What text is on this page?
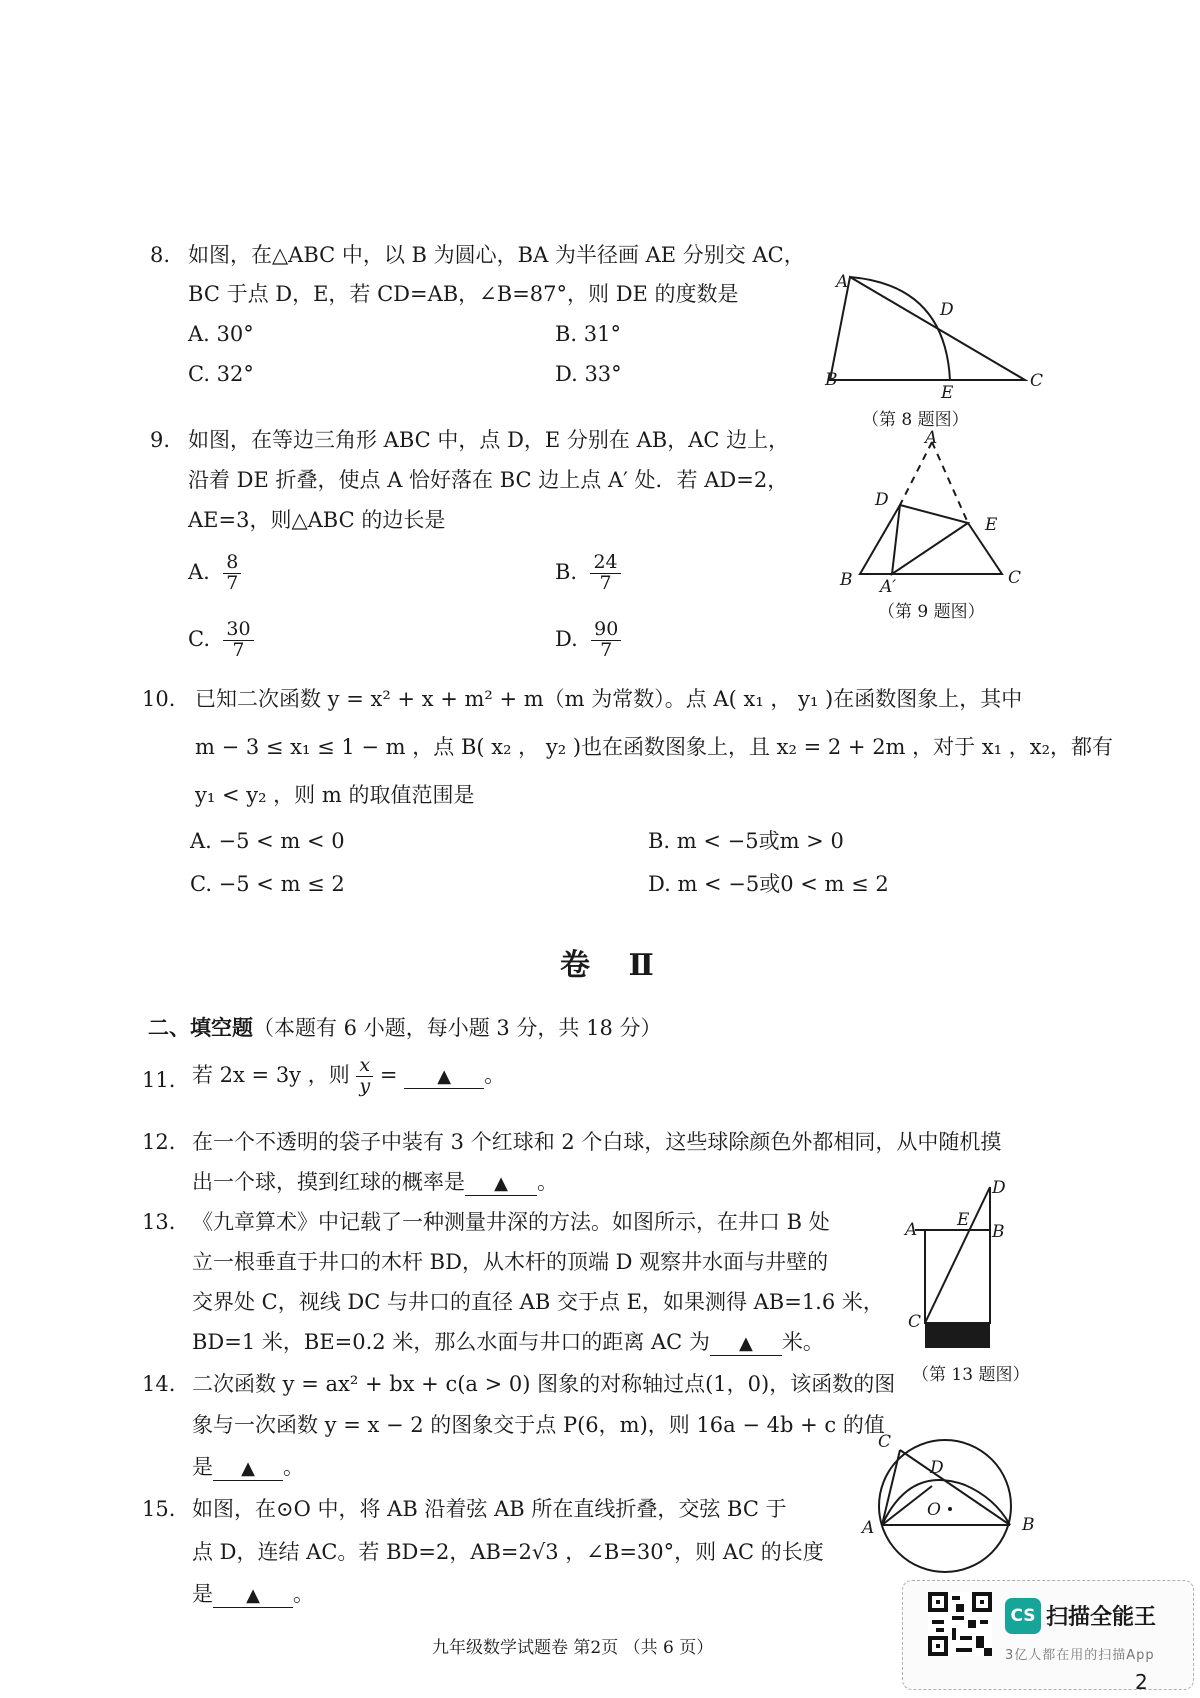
8. 如图，在△ABC 中，以 B 为圆心，BA 为半径画 AE 分别交 AC，
BC 于点 D，E，若 CD=AB，∠B=87°，则 DE 的度数是
A. 30°	B. 31°
C. 32°	D. 33°
A
D
B
E
C
（第 8 题图）
9. 如图，在等边三角形 ABC 中，点 D，E 分别在 AB，AC 边上，
沿着 DE 折叠，使点 A 恰好落在 BC 边上点 A′ 处．若 AD=2，
AE=3，则△ABC 的边长是
A. $\frac{8}{7}$	B. $\frac{24}{7}$
C. $\frac{30}{7}$	D. $\frac{90}{7}$
A
D
E
B A′	C
（第 9 题图）
10. 已知二次函数 y = x² + x + m² + m（m 为常数）。点 A( x₁ ， y₁ )在函数图象上，其中
m − 3 ≤ x₁ ≤ 1 − m ，点 B( x₂ ， y₂ )也在函数图象上，且 x₂ = 2 + 2m ，对于 x₁ ，x₂，都有
y₁ < y₂ ，则 m 的取值范围是
A. −5 < m < 0	B. m < −5或m > 0
C. −5 < m ≤ 2	D. m < −5或0 < m ≤ 2
卷 Ⅱ
二、填空题（本题有 6 小题，每小题 3 分，共 18 分）
11. 若 2x = 3y ，则 $\frac{x}{y}$ = ▲ 。
12. 在一个不透明的袋子中装有 3 个红球和 2 个白球，这些球除颜色外都相同，从中随机摸
出一个球，摸到红球的概率是 ▲ 。
13. 《九章算术》中记载了一种测量井深的方法。如图所示，在井口 B 处
立一根垂直于井口的木杆 BD，从木杆的顶端 D 观察井水面与井壁的
交界处 C，视线 DC 与井口的直径 AB 交于点 E，如果测得 AB=1.6 米，
BD=1 米，BE=0.2 米，那么水面与井口的距离 AC 为 ▲ 米。
D
A E
B
C
（第 13 题图）
14. 二次函数 y = ax² + bx + c(a > 0) 图象的对称轴过点(1，0)，该函数的图
象与一次函数 y = x − 2 的图象交于点 P(6，m)，则 16a − 4b + c 的值
是 ▲ 。
15. 如图，在⊙O 中，将 AB 沿着弦 AB 所在直线折叠，交弦 BC 于
点 D，连结 AC。若 BD=2，AB=2√3 ，∠B=30°，则 AC 的长度
是 ▲ 。
C
D
O
A	B
九年级数学试题卷 第2页 （共 6 页）
CS 扫描全能王
3亿人都在用的扫描App
2
